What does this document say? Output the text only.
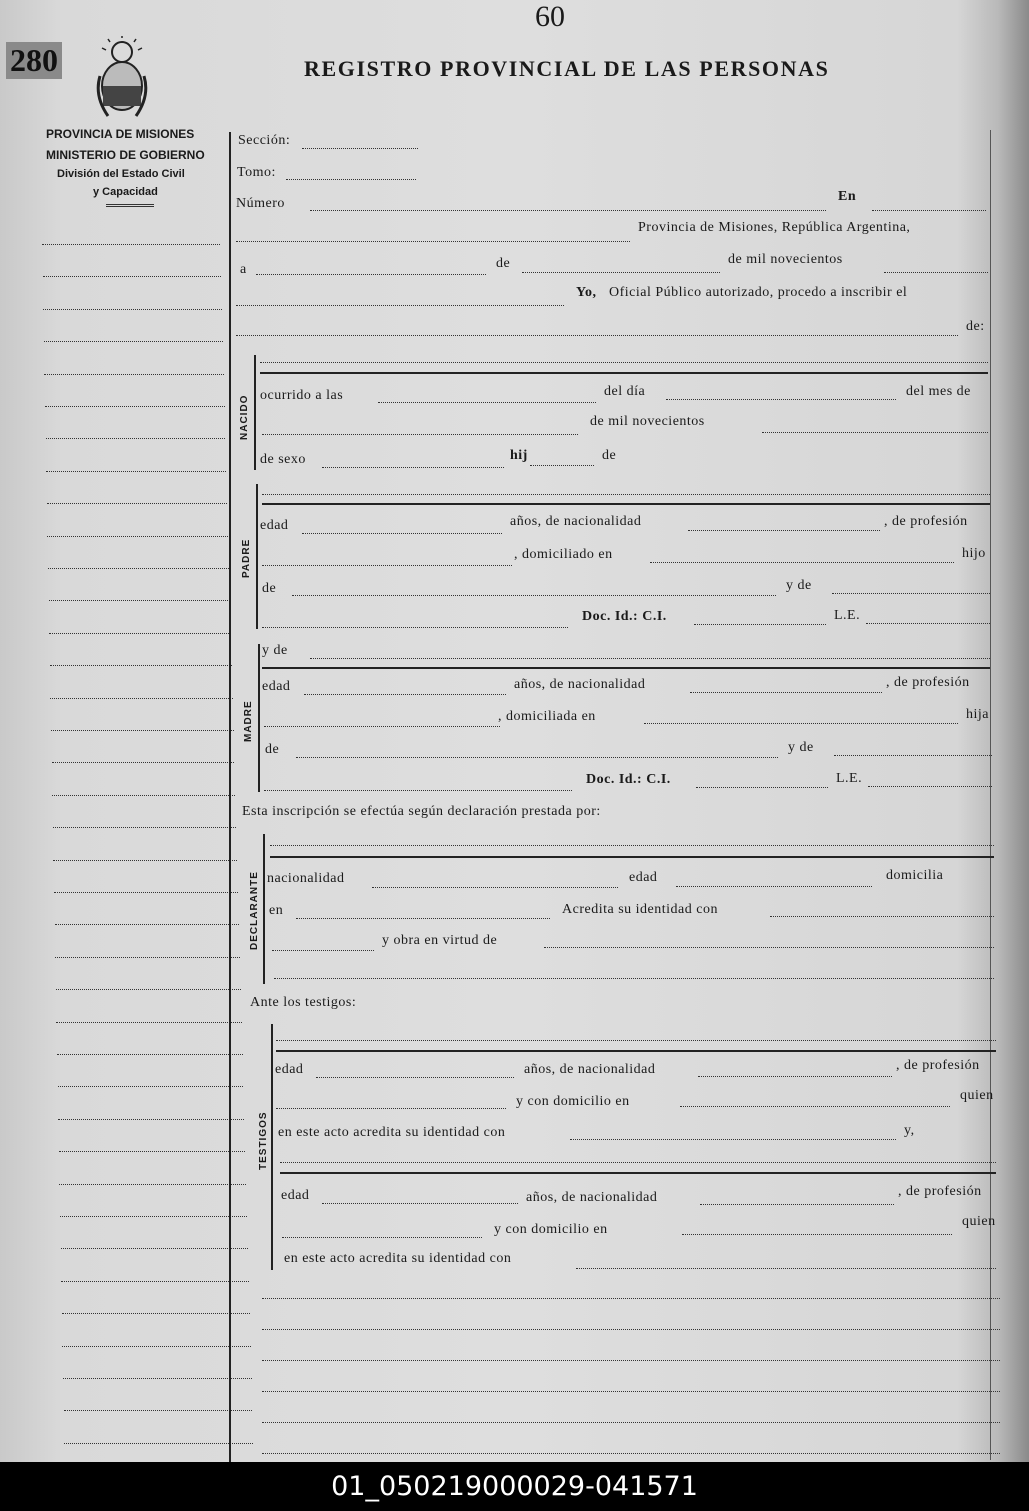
60
280	REGISTRO PROVINCIAL DE LAS PERSONAS
PROVINCIA DE MISIONES
MINISTERIO DE GOBIERNO
División del Estado Civil
y Capacidad
Sección:
Tomo:
Número	En
Provincia de Misiones, República Argentina,
a	de	de mil novecientos
Yo, Oficial Público autorizado, procedo a inscribir el
de:
NACIDO ocurrido a las	del día	del mes de
de mil novecientos
de sexo	hij	de
PADRE
edad	años, de nacionalidad	, de profesión
, domiciliado en	hijo
de	y de
Doc. Id.: C.I.	L.E.
MADRE
y de
edad	años, de nacionalidad	, de profesión
, domiciliada en	hija
de	y de
Doc. Id.: C.I.	L.E.
Esta inscripción se efectúa según declaración prestada por:
DECLARANTE nacionalidad	edad	domicilia
en	Acredita su identidad con
y obra en virtud de
Ante los testigos:
TESTIGOS
edad	años, de nacionalidad	, de profesión
y con domicilio en	quien
en este acto acredita su identidad con	y,
edad	años, de nacionalidad	, de profesión
y con domicilio en
quien
en este acto acredita su identidad con
01_050219000029-041571
